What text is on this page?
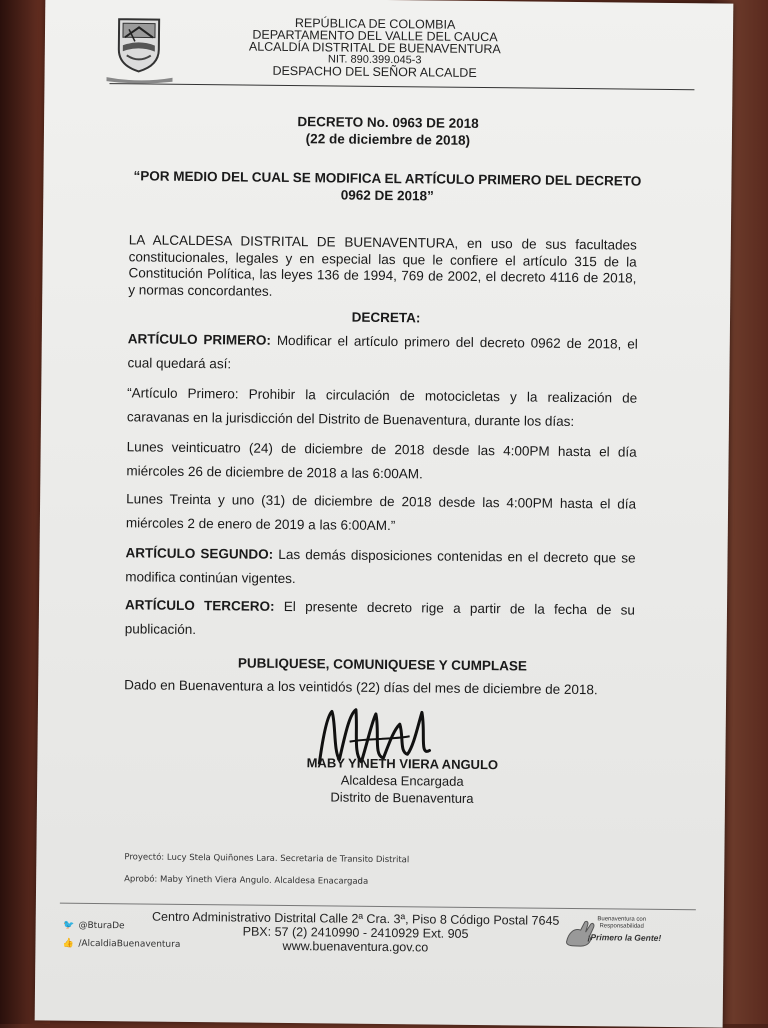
REPÚBLICA DE COLOMBIA
DEPARTAMENTO DEL VALLE DEL CAUCA
ALCALDÍA DISTRITAL DE BUENAVENTURA
NIT. 890.399.045-3
DESPACHO DEL SEÑOR ALCALDE
DECRETO No. 0963 DE 2018
(22 de diciembre de 2018)
“POR MEDIO DEL CUAL SE MODIFICA EL ARTÍCULO PRIMERO DEL DECRETO
0962 DE 2018”
LA ALCALDESA DISTRITAL DE BUENAVENTURA, en uso de sus facultades constitucionales, legales y en especial las que le confiere el artículo 315 de la Constitución Política, las leyes 136 de 1994, 769 de 2002, el decreto 4116 de 2018, y normas concordantes.
DECRETA:
ARTÍCULO PRIMERO: Modificar el artículo primero del decreto 0962 de 2018, el cual quedará así:
“Artículo Primero: Prohibir la circulación de motocicletas y la realización de caravanas en la jurisdicción del Distrito de Buenaventura, durante los días:
Lunes veinticuatro (24) de diciembre de 2018 desde las 4:00PM hasta el día miércoles 26 de diciembre de 2018 a las 6:00AM.
Lunes Treinta y uno (31) de diciembre de 2018 desde las 4:00PM hasta el día miércoles 2 de enero de 2019 a las 6:00AM.”
ARTÍCULO SEGUNDO: Las demás disposiciones contenidas en el decreto que se modifica continúan vigentes.
ARTÍCULO TERCERO: El presente decreto rige a partir de la fecha de su publicación.
PUBLIQUESE, COMUNIQUESE Y CUMPLASE
Dado en Buenaventura a los veintidós (22) días del mes de diciembre de 2018.
MABY YINETH VIERA ANGULO
Alcaldesa Encargada
Distrito de Buenaventura
Proyectó: Lucy Stela Quiñones Lara. Secretaria de Transito Distrital
Aprobó: Maby Yineth Viera Angulo. Alcaldesa Enacargada
🐦 @BturaDe
👍 /AlcaldiaBuenaventura
Centro Administrativo Distrital Calle 2ª Cra. 3ª, Piso 8 Código Postal 7645
PBX: 57 (2) 2410990 - 2410929 Ext. 905
www.buenaventura.gov.co
Buenaventura con Responsabilidad
¡Primero la Gente!
